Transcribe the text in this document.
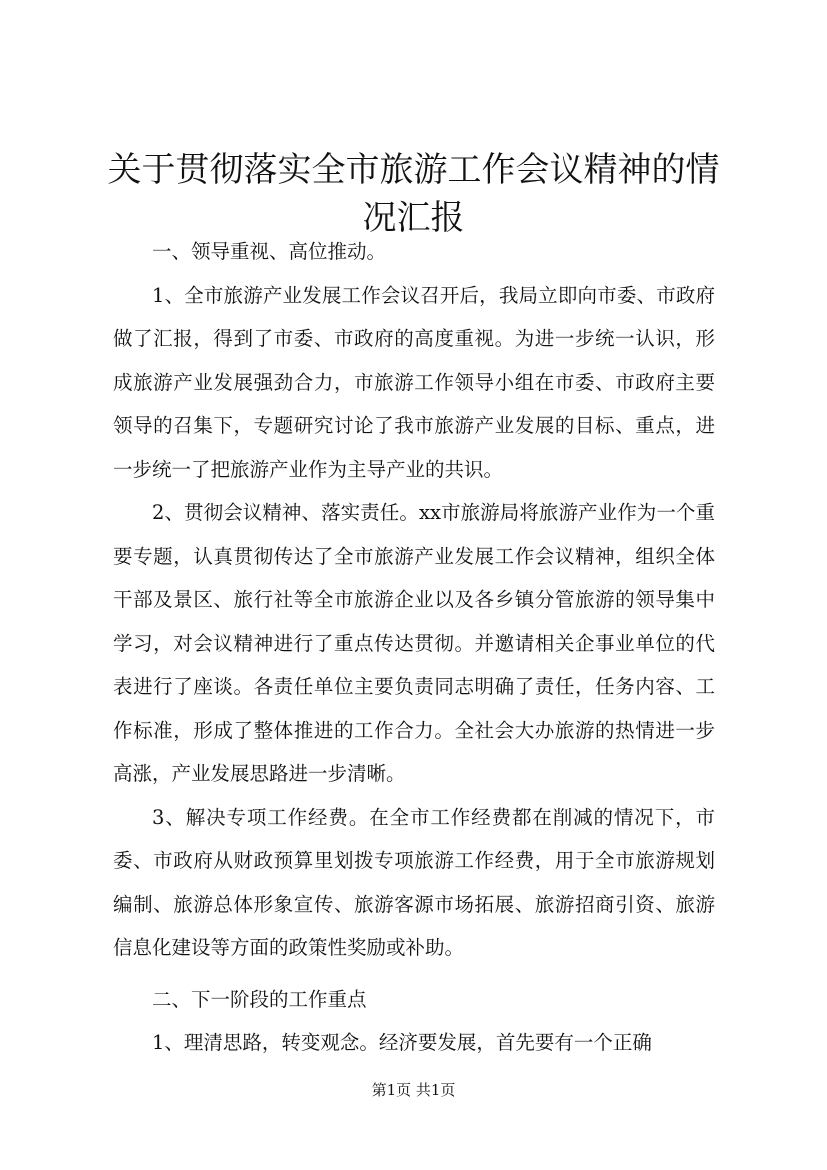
关于贯彻落实全市旅游工作会议精神的情况汇报

一、领导重视、高位推动。

1、全市旅游产业发展工作会议召开后，我局立即向市委、市政府做了汇报，得到了市委、市政府的高度重视。为进一步统一认识，形成旅游产业发展强劲合力，市旅游工作领导小组在市委、市政府主要领导的召集下，专题研究讨论了我市旅游产业发展的目标、重点，进一步统一了把旅游产业作为主导产业的共识。

2、贯彻会议精神、落实责任。xx市旅游局将旅游产业作为一个重要专题，认真贯彻传达了全市旅游产业发展工作会议精神，组织全体干部及景区、旅行社等全市旅游企业以及各乡镇分管旅游的领导集中学习，对会议精神进行了重点传达贯彻。并邀请相关企事业单位的代表进行了座谈。各责任单位主要负责同志明确了责任，任务内容、工作标准，形成了整体推进的工作合力。全社会大办旅游的热情进一步高涨，产业发展思路进一步清晰。

3、解决专项工作经费。在全市工作经费都在削减的情况下，市委、市政府从财政预算里划拨专项旅游工作经费，用于全市旅游规划编制、旅游总体形象宣传、旅游客源市场拓展、旅游招商引资、旅游信息化建设等方面的政策性奖励或补助。

二、下一阶段的工作重点

1、理清思路，转变观念。经济要发展，首先要有一个正确

第1页 共1页
